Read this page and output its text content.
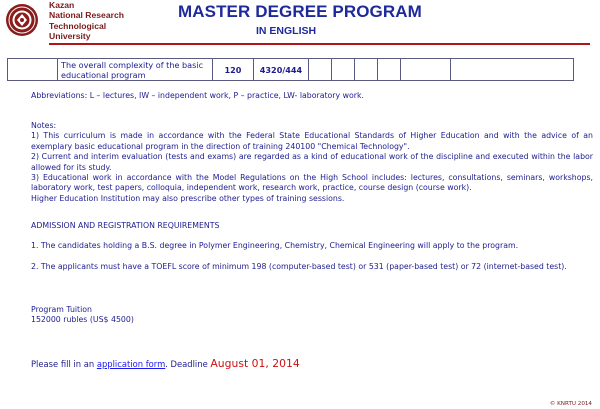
Kazan
National Research
Technological
University
MASTER DEGREE PROGRAM
IN ENGLISH
	The overall complexity of the basic educational program	120	4320/444						
Abbreviations: L – lectures, IW – independent work, P – practice, LW- laboratory work.
Notes:
1) This curriculum is made in accordance with the Federal State Educational Standards of Higher Education and with the advice of an exemplary basic educational program in the direction of training 240100 "Chemical Technology".
2) Current and interim evaluation (tests and exams) are regarded as a kind of educational work of the discipline and executed within the labor allowed for its study.
3) Educational work in accordance with the Model Regulations on the High School includes: lectures, consultations, seminars, workshops, laboratory work, test papers, colloquia, independent work, research work, practice, course design (course work).
Higher Education Institution may also prescribe other types of training sessions.
ADMISSION AND REGISTRATION REQUIREMENTS
1. The candidates holding a B.S. degree in Polymer Engineering, Chemistry, Chemical Engineering will apply to the program.
2. The applicants must have a TOEFL score of minimum 198 (computer-based test) or 531 (paper-based test) or 72 (internet-based test).
Program Tuition
152000 rubles (US$ 4500)
Please fill in an application form. Deadline August 01, 2014
© KNRTU 2014
